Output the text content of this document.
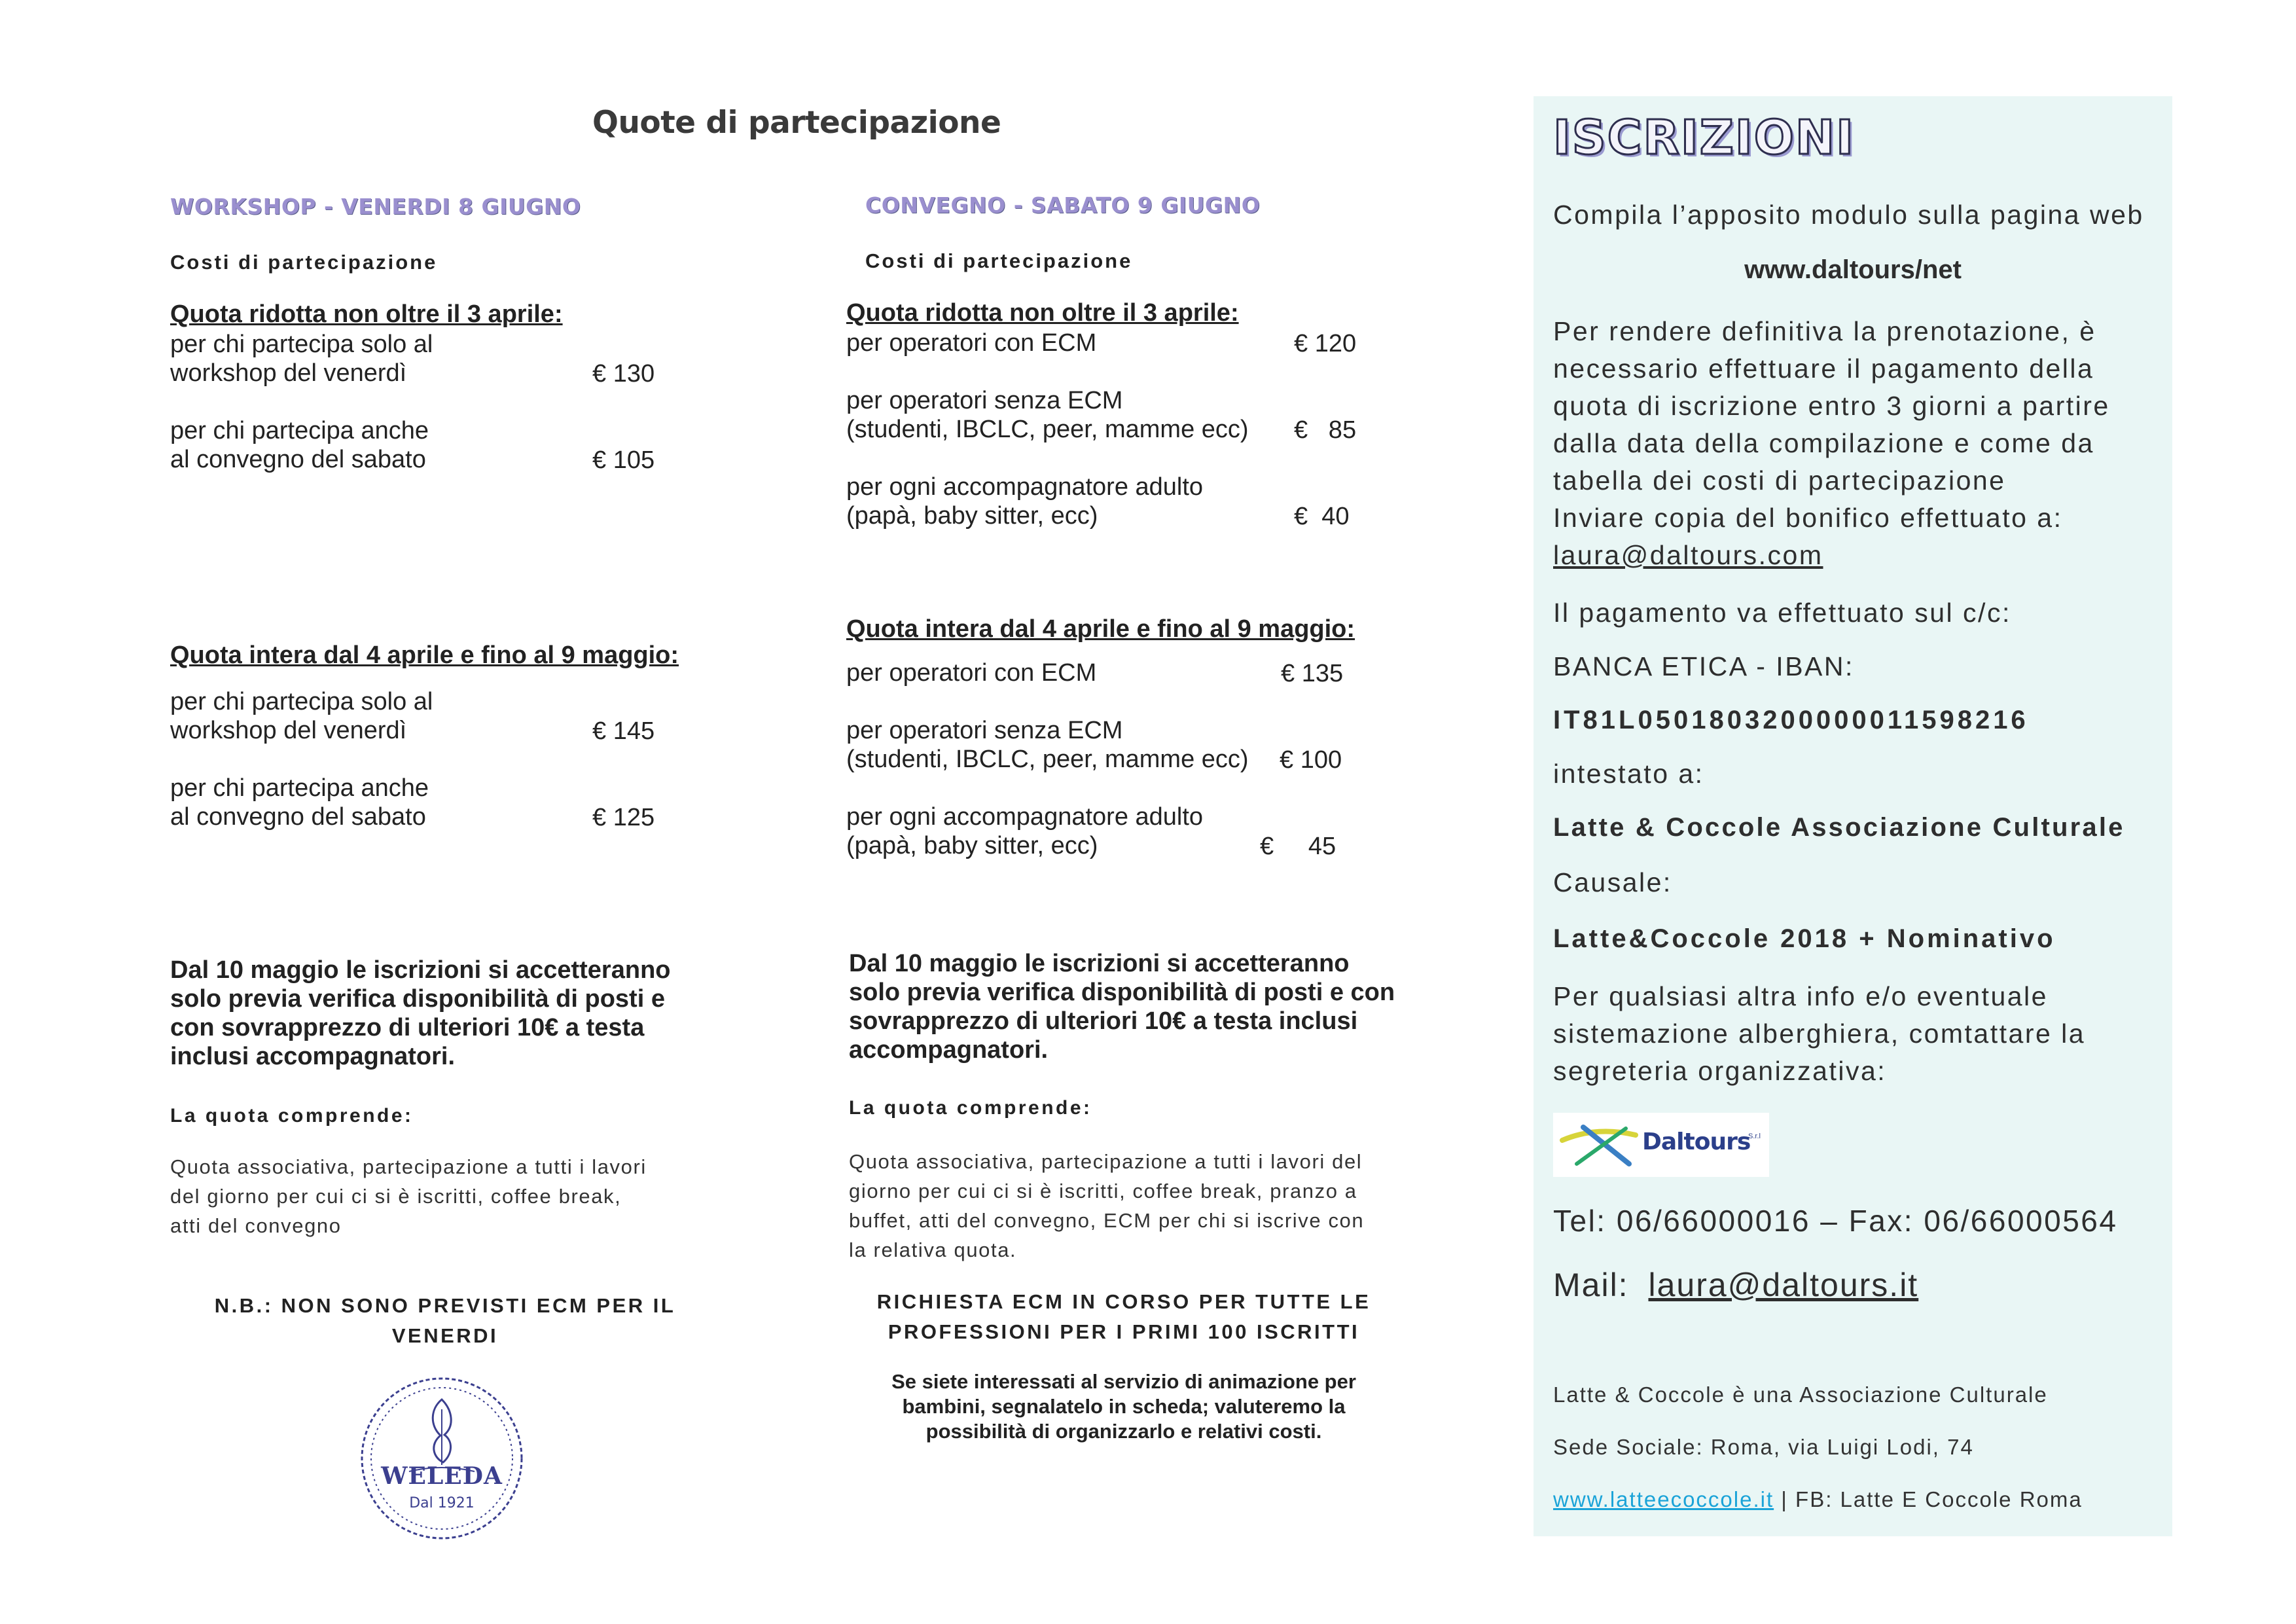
Quote di partecipazione
WORKSHOP - VENERDI 8 GIUGNO
Costi di partecipazione
Quota ridotta non oltre il 3 aprile:
per chi partecipa solo al
workshop del venerdì	€ 130
per chi partecipa anche
al convegno del sabato	€ 105
Quota intera dal 4 aprile e fino al 9 maggio:
per chi partecipa solo al
workshop del venerdì	€ 145
per chi partecipa anche
al convegno del sabato	€ 125
Dal 10 maggio le iscrizioni si accetteranno
solo previa verifica disponibilità di posti e
con sovrapprezzo di ulteriori 10€ a testa
inclusi accompagnatori.
La quota comprende:
Quota associativa, partecipazione a tutti i lavori
del giorno per cui ci si è iscritti, coffee break,
atti del convegno
N.B.: NON SONO PREVISTI ECM PER IL
VENERDI
WELEDA
Dal 1921
CONVEGNO - SABATO 9 GIUGNO
Costi di partecipazione
Quota ridotta non oltre il 3 aprile:
per operatori con ECM	€ 120
per operatori senza ECM
(studenti, IBCLC, peer, mamme ecc) €   85
per ogni accompagnatore adulto
(papà, baby sitter, ecc)	€  40
Quota intera dal 4 aprile e fino al 9 maggio:
per operatori con ECM	€ 135
per operatori senza ECM
(studenti, IBCLC, peer, mamme ecc) € 100
per ogni accompagnatore adulto
(papà, baby sitter, ecc)	€     45
Dal 10 maggio le iscrizioni si accetteranno
solo previa verifica disponibilità di posti e con
sovrapprezzo di ulteriori 10€ a testa inclusi
accompagnatori.
La quota comprende:
Quota associativa, partecipazione a tutti i lavori del
giorno per cui ci si è iscritti, coffee break, pranzo a
buffet, atti del convegno, ECM per chi si iscrive con
la relativa quota.
RICHIESTA ECM IN CORSO PER TUTTE LE
PROFESSIONI PER I PRIMI 100 ISCRITTI
Se siete interessati al servizio di animazione per
bambini, segnalatelo in scheda; valuteremo la
possibilità di organizzarlo e relativi costi.
ISCRIZIONI
Compila l’apposito modulo sulla pagina web
www.daltours/net
Per rendere definitiva la prenotazione, è
necessario effettuare il pagamento della
quota di iscrizione entro 3 giorni a partire
dalla data della compilazione e come da
tabella dei costi di partecipazione
Inviare copia del bonifico effettuato a:
laura@daltours.com
Il pagamento va effettuato sul c/c:
BANCA ETICA - IBAN:
IT81L0501803200000011598216
intestato a:
Latte & Coccole Associazione Culturale
Causale:
Latte&Coccole 2018 + Nominativo
Per qualsiasi altra info e/o eventuale
sistemazione alberghiera, comtattare la
segreteria organizzativa:
Daltours
S.r.l
Tel: 06/66000016 – Fax: 06/66000564
Mail: laura@daltours.it
Latte & Coccole è una Associazione Culturale
Sede Sociale: Roma, via Luigi Lodi, 74
www.latteecoccole.it | FB: Latte E Coccole Roma
